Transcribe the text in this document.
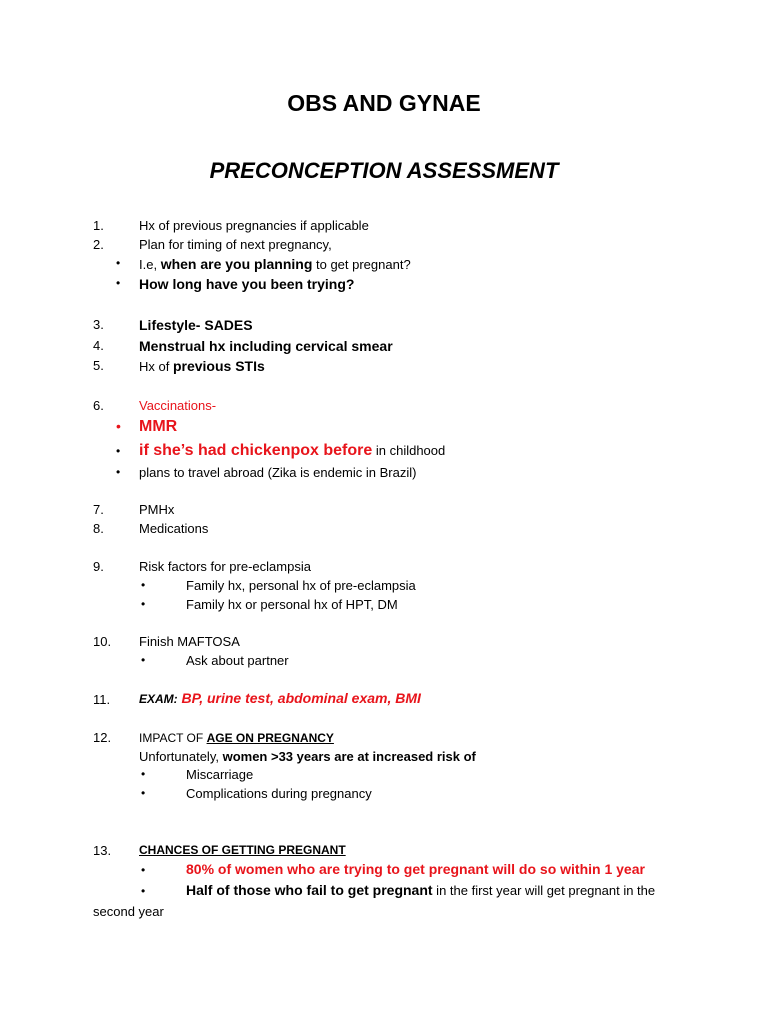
OBS AND GYNAE
PRECONCEPTION ASSESSMENT
1.	Hx of previous pregnancies if applicable
2.	Plan for timing of next pregnancy,
• I.e, when are you planning to get pregnant?
• How long have you been trying?
3.	Lifestyle- SADES
4.	Menstrual hx including cervical smear
5.	Hx of previous STIs
6.	Vaccinations-
• MMR
• if she’s had chickenpox before in childhood
• plans to travel abroad (Zika is endemic in Brazil)
7.	PMHx
8.	Medications
9.	Risk factors for pre-eclampsia
•	Family hx, personal hx of pre-eclampsia
•	Family hx or personal hx of HPT, DM
10. Finish MAFTOSA
•	Ask about partner
11. EXAM: BP, urine test, abdominal exam, BMI
12. IMPACT OF AGE ON PREGNANCY
Unfortunately, women >33 years are at increased risk of
•	Miscarriage
•	Complications during pregnancy
13. CHANCES OF GETTING PREGNANT
•	80% of women who are trying to get pregnant will do so within 1 year
•	Half of those who fail to get pregnant in the first year will get pregnant in the
second year
